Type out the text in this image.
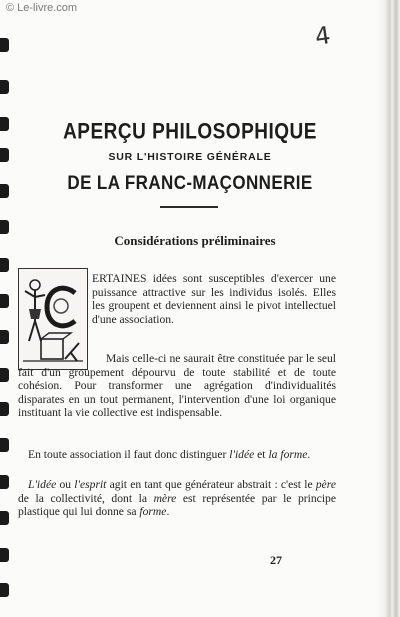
© Le-livre.com
4
APERÇU PHILOSOPHIQUE
SUR L'HISTOIRE GÉNÉRALE
DE LA FRANC-MAÇONNERIE
Considérations préliminaires
ERTAINES idées sont susceptibles d'exercer une puissance attractive sur les individus isolés. Elles les groupent et deviennent ainsi le pivot intellectuel d'une association.
Mais celle-ci ne saurait être constituée par le seul fait d'un groupement dépourvu de toute stabilité et de toute cohésion. Pour transformer une agrégation d'individualités disparates en un tout permanent, l'intervention d'une loi organique instituant la vie collective est indispensable.
En toute association il faut donc distinguer l'idée et la forme.
L'idée ou l'esprit agit en tant que générateur abstrait : c'est le père de la collectivité, dont la mère est représentée par le principe plastique qui lui donne sa forme.
27
